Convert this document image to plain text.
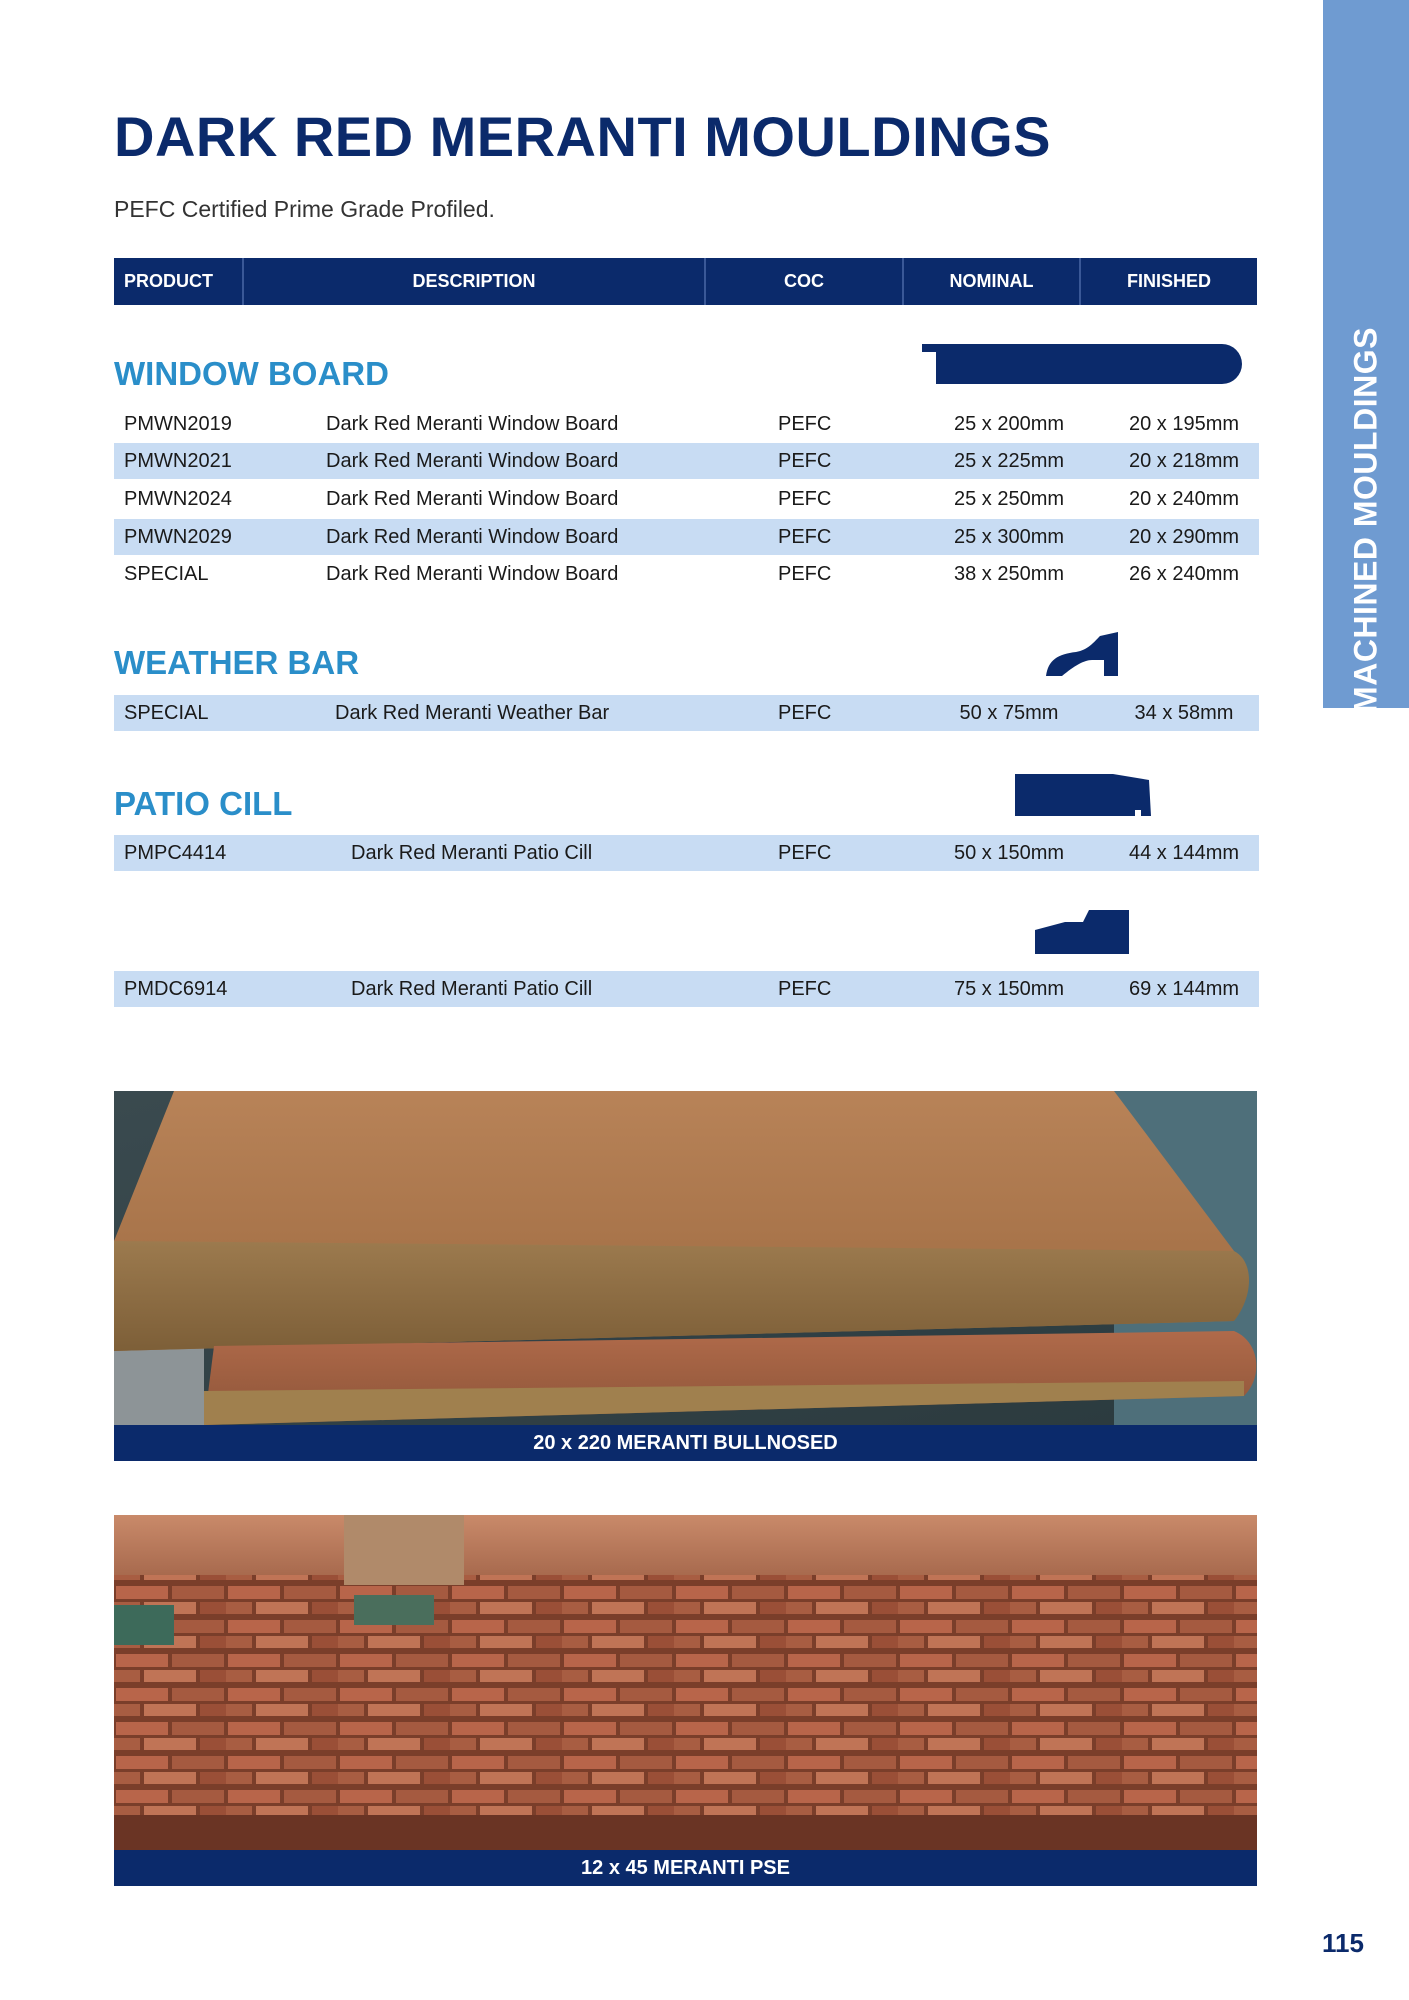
MACHINED MOULDINGS
DARK RED MERANTI MOULDINGS

PEFC Certified Prime Grade Profiled.

PRODUCT	DESCRIPTION	COC	NOMINAL	FINISHED
WINDOW BOARD
PMWN2019	Dark Red Meranti Window Board	PEFC	25 x 200mm	20 x 195mm
PMWN2021	Dark Red Meranti Window Board	PEFC	25 x 225mm	20 x 218mm
PMWN2024	Dark Red Meranti Window Board	PEFC	25 x 250mm	20 x 240mm
PMWN2029	Dark Red Meranti Window Board	PEFC	25 x 300mm	20 x 290mm
SPECIAL	Dark Red Meranti Window Board	PEFC	38 x 250mm	26 x 240mm
WEATHER BAR
SPECIAL	Dark Red Meranti Weather Bar	PEFC	50 x 75mm	34 x 58mm
PATIO CILL
PMPC4414	Dark Red Meranti Patio Cill	PEFC	50 x 150mm	44 x 144mm
PMDC6914	Dark Red Meranti Patio Cill	PEFC	75 x 150mm	69 x 144mm
20 x 220 MERANTI BULLNOSED
12 x 45 MERANTI PSE
115
